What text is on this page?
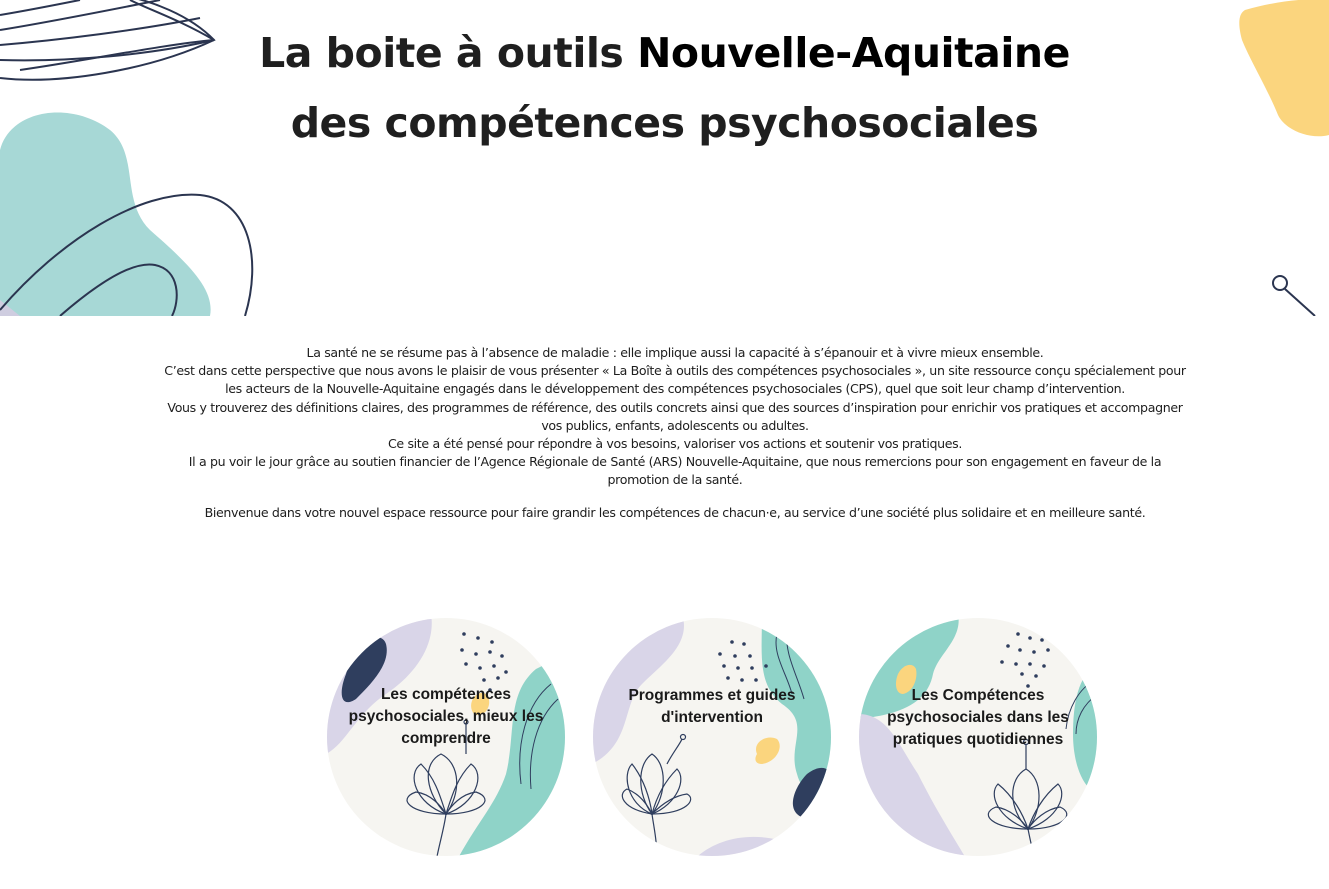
La boite à outils Nouvelle-Aquitaine
des compétences psychosociales

La santé ne se résume pas à l’absence de maladie : elle implique aussi la capacité à s’épanouir et à vivre mieux ensemble.

C’est dans cette perspective que nous avons le plaisir de vous présenter « La Boîte à outils des compétences psychosociales », un site ressource conçu spécialement pour les acteurs de la Nouvelle-Aquitaine engagés dans le développement des compétences psychosociales (CPS), quel que soit leur champ d’intervention.

Vous y trouverez des définitions claires, des programmes de référence, des outils concrets ainsi que des sources d’inspiration pour enrichir vos pratiques et accompagner vos publics, enfants, adolescents ou adultes.

Ce site a été pensé pour répondre à vos besoins, valoriser vos actions et soutenir vos pratiques.

Il a pu voir le jour grâce au soutien financier de l’Agence Régionale de Santé (ARS) Nouvelle-Aquitaine, que nous remercions pour son engagement en faveur de la promotion de la santé.

Bienvenue dans votre nouvel espace ressource pour faire grandir les compétences de chacun·e, au service d’une société plus solidaire et en meilleure santé.

Les compétences
psychosociales, mieux les
comprendre
Programmes et guides
d'intervention
Les Compétences
psychosociales dans les
pratiques quotidiennes
